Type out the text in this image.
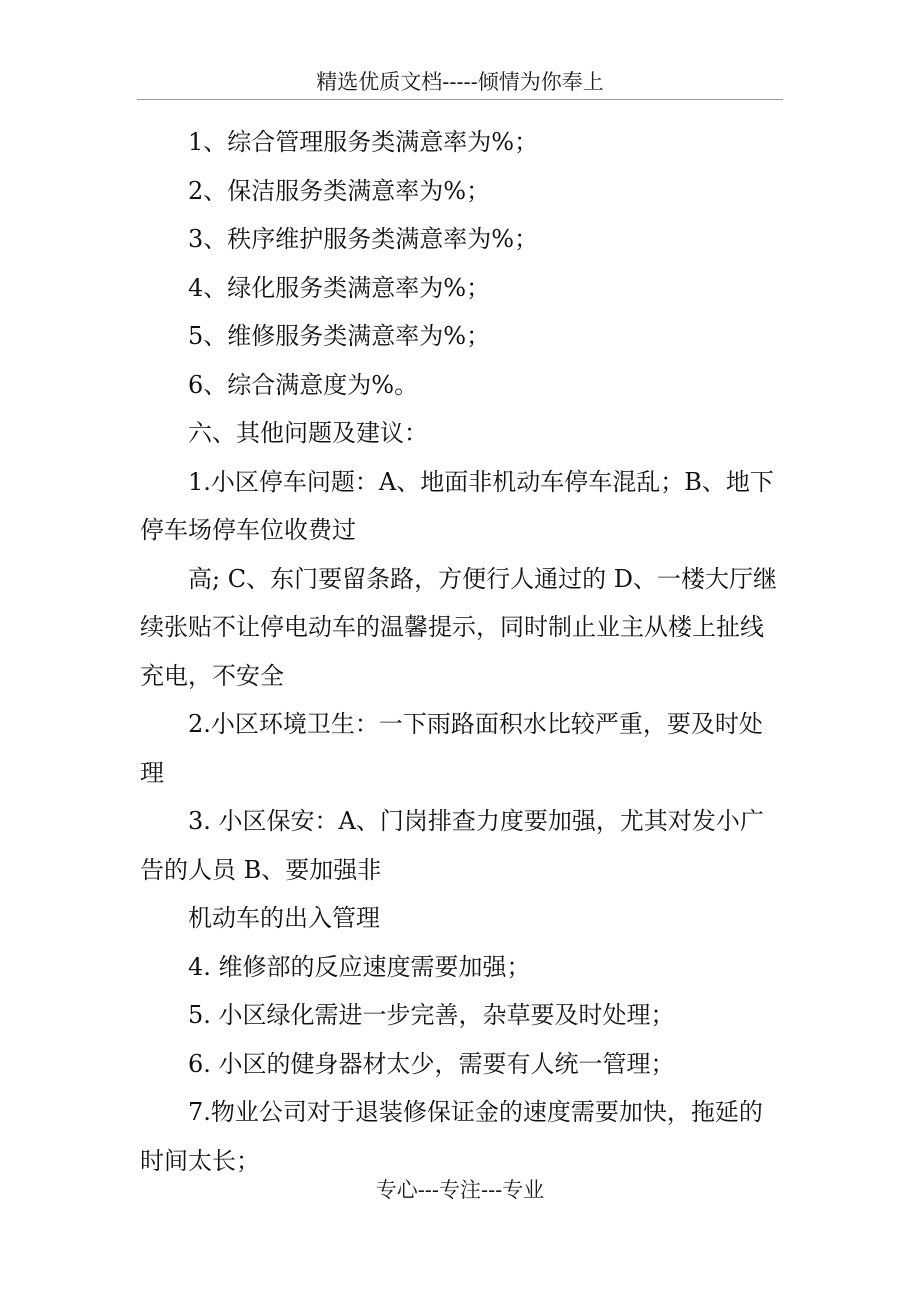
精选优质文档-----倾情为你奉上
1、综合管理服务类满意率为%；
2、保洁服务类满意率为%；
3、秩序维护服务类满意率为%；
4、绿化服务类满意率为%；
5、维修服务类满意率为%；
6、综合满意度为%。
六、其他问题及建议：
1.小区停车问题：A、地面非机动车停车混乱；B、地下
停车场停车位收费过
高; C、东门要留条路，方便行人通过的 D、一楼大厅继
续张贴不让停电动车的温馨提示，同时制止业主从楼上扯线
充电，不安全
2.小区环境卫生：一下雨路面积水比较严重，要及时处
理
3. 小区保安：A、门岗排查力度要加强，尤其对发小广
告的人员 B、要加强非
机动车的出入管理
4. 维修部的反应速度需要加强；
5. 小区绿化需进一步完善，杂草要及时处理；
6. 小区的健身器材太少，需要有人统一管理；
7.物业公司对于退装修保证金的速度需要加快，拖延的
时间太长；
专心---专注---专业
